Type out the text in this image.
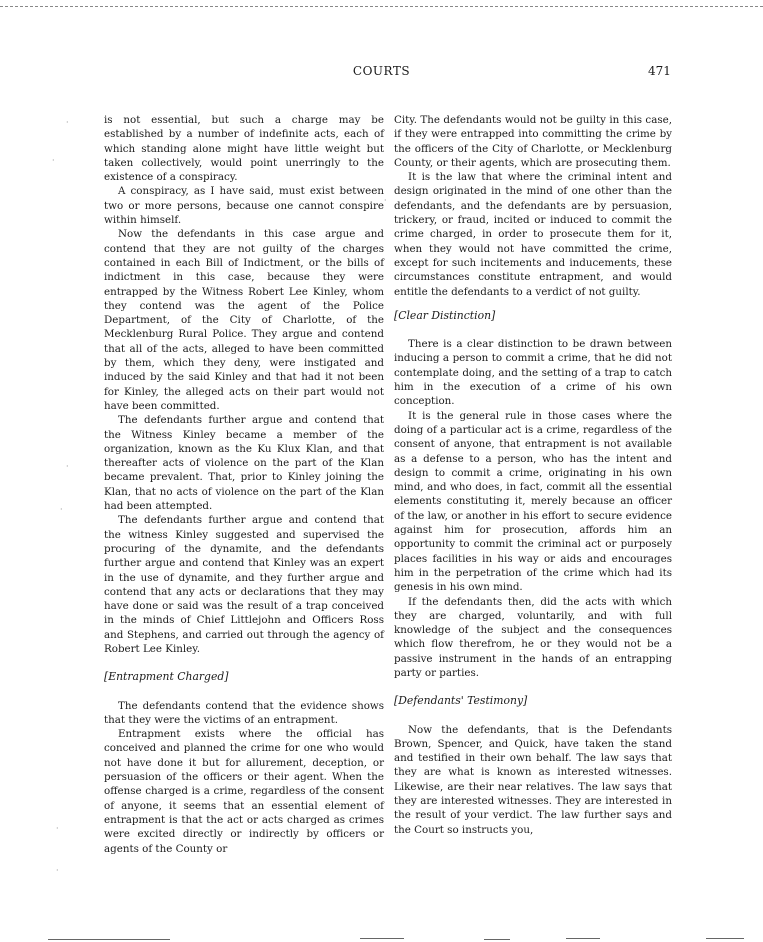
COURTS	471

is not essential, but such a charge may be established by a number of indefinite acts, each of which standing alone might have little weight but taken collectively, would point unerringly to the existence of a conspiracy.

A conspiracy, as I have said, must exist between two or more persons, because one cannot conspire within himself.

Now the defendants in this case argue and contend that they are not guilty of the charges contained in each Bill of Indictment, or the bills of indictment in this case, because they were entrapped by the Witness Robert Lee Kinley, whom they contend was the agent of the Police Department, of the City of Charlotte, of the Mecklenburg Rural Police. They argue and contend that all of the acts, alleged to have been committed by them, which they deny, were instigated and induced by the said Kinley and that had it not been for Kinley, the alleged acts on their part would not have been committed.

The defendants further argue and contend that the Witness Kinley became a member of the organization, known as the Ku Klux Klan, and that thereafter acts of violence on the part of the Klan became prevalent. That, prior to Kinley joining the Klan, that no acts of violence on the part of the Klan had been attempted.

The defendants further argue and contend that the witness Kinley suggested and supervised the procuring of the dynamite, and the defendants further argue and contend that Kinley was an expert in the use of dynamite, and they further argue and contend that any acts or declarations that they may have done or said was the result of a trap conceived in the minds of Chief Littlejohn and Officers Ross and Stephens, and carried out through the agency of Robert Lee Kinley.

[Entrapment Charged]

The defendants contend that the evidence shows that they were the victims of an entrapment.

Entrapment exists where the official has conceived and planned the crime for one who would not have done it but for allurement, deception, or persuasion of the officers or their agent. When the offense charged is a crime, regardless of the consent of anyone, it seems that an essential element of entrapment is that the act or acts charged as crimes were excited directly or indirectly by officers or agents of the County or

City. The defendants would not be guilty in this case, if they were entrapped into committing the crime by the officers of the City of Charlotte, or Mecklenburg County, or their agents, which are prosecuting them.

It is the law that where the criminal intent and design originated in the mind of one other than the defendants, and the defendants are by persuasion, trickery, or fraud, incited or induced to commit the crime charged, in order to prosecute them for it, when they would not have committed the crime, except for such incitements and inducements, these circumstances constitute entrapment, and would entitle the defendants to a verdict of not guilty.

[Clear Distinction]

There is a clear distinction to be drawn between inducing a person to commit a crime, that he did not contemplate doing, and the setting of a trap to catch him in the execution of a crime of his own conception.

It is the general rule in those cases where the doing of a particular act is a crime, regardless of the consent of anyone, that entrapment is not available as a defense to a person, who has the intent and design to commit a crime, originating in his own mind, and who does, in fact, commit all the essential elements constituting it, merely because an officer of the law, or another in his effort to secure evidence against him for prosecution, affords him an opportunity to commit the criminal act or purposely places facilities in his way or aids and encourages him in the perpetration of the crime which had its genesis in his own mind.

If the defendants then, did the acts with which they are charged, voluntarily, and with full knowledge of the subject and the consequences which flow therefrom, he or they would not be a passive instrument in the hands of an entrapping party or parties.

[Defendants' Testimony]

Now the defendants, that is the Defendants Brown, Spencer, and Quick, have taken the stand and testified in their own behalf. The law says that they are what is known as interested witnesses. Likewise, are their near relatives. The law says that they are interested witnesses. They are interested in the result of your verdict. The law further says and the Court so instructs you,

·
·
·
·
·
·
·
